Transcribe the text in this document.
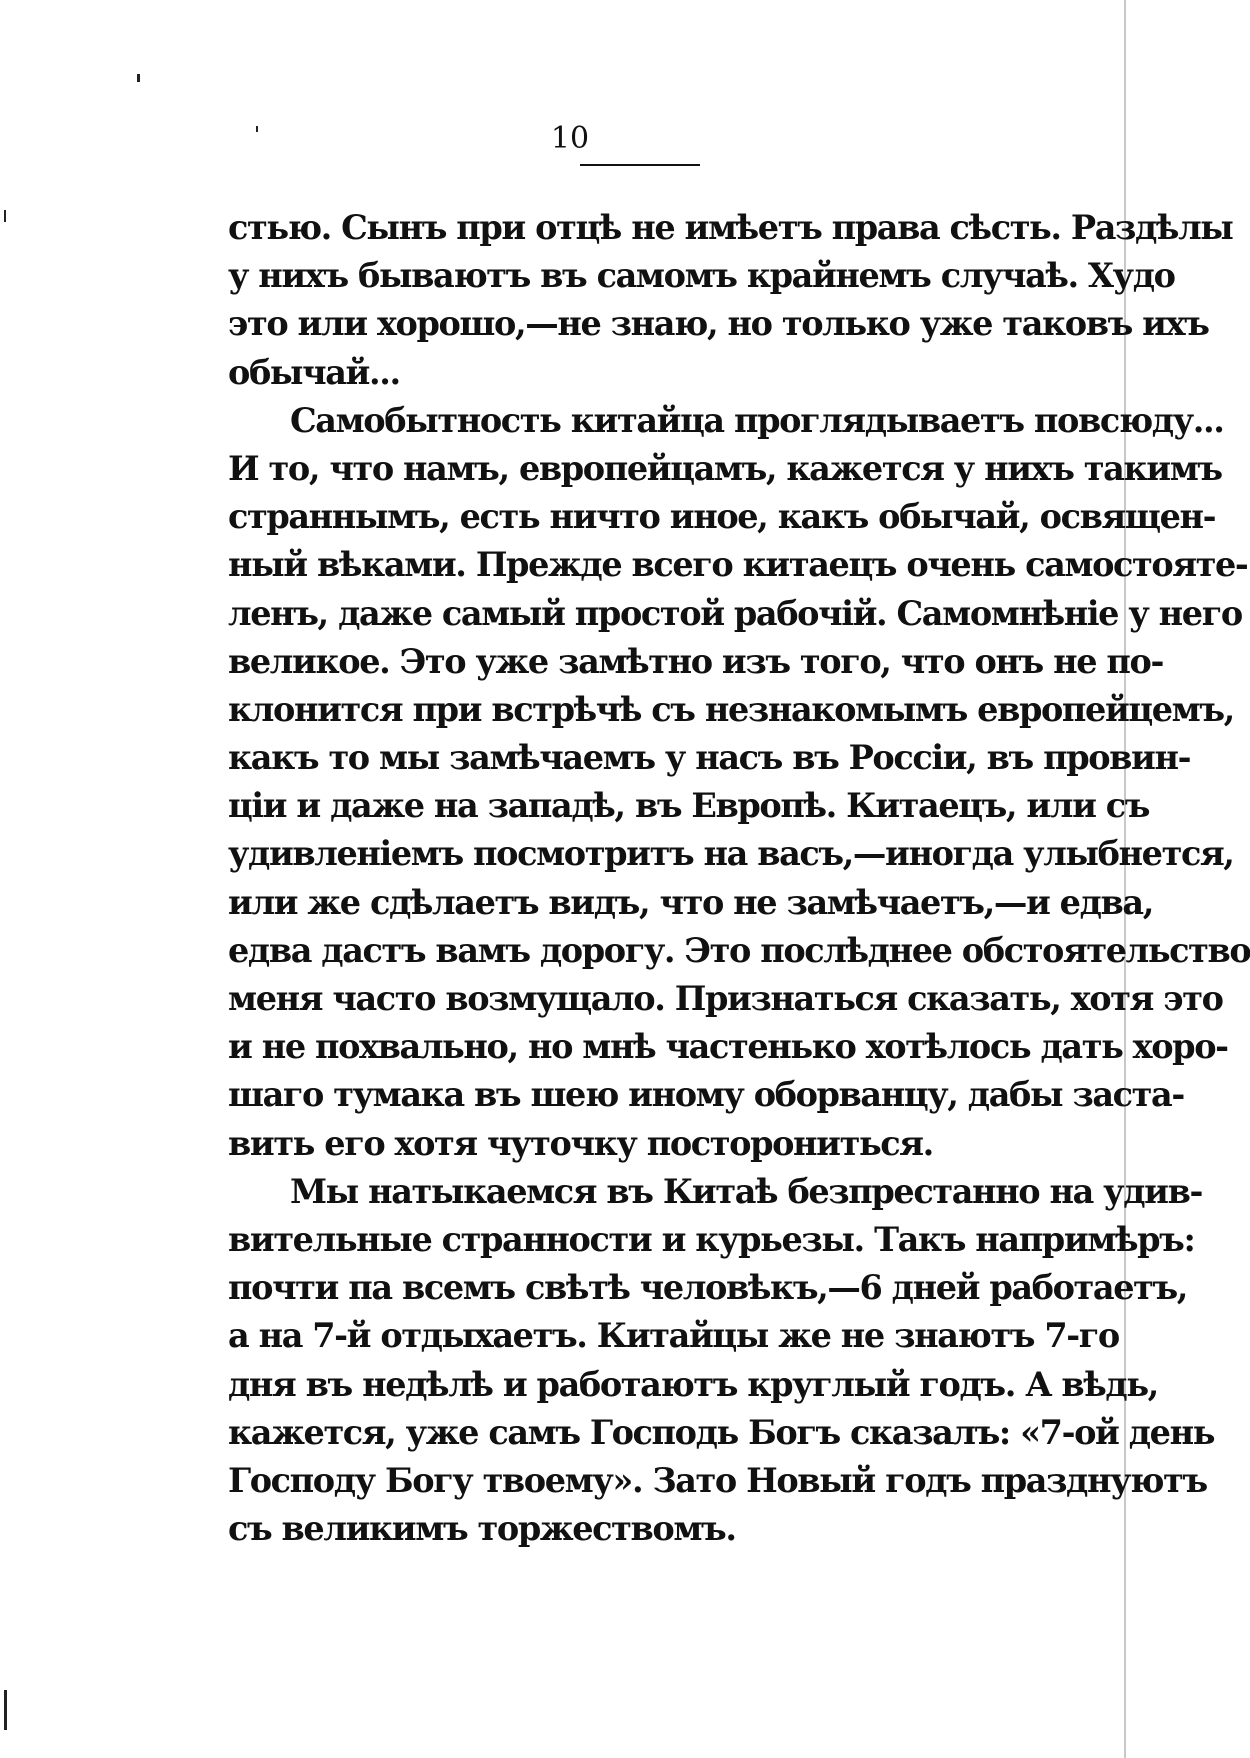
10
стью. Сынъ при отцѣ не имѣетъ права сѣсть. Раздѣлы
у нихъ бываютъ въ самомъ крайнемъ случаѣ. Худо
это или хорошо,—не знаю, но только уже таковъ ихъ
обычай...
Самобытность китайца проглядываетъ повсюду...
И то, что намъ, европейцамъ, кажется у нихъ такимъ
страннымъ, есть ничто иное, какъ обычай, освящен-
ный вѣками. Прежде всего китаецъ очень самостояте-
ленъ, даже самый простой рабочій. Самомнѣніе у него
великое. Это уже замѣтно изъ того, что онъ не по-
клонится при встрѣчѣ съ незнакомымъ европейцемъ,
какъ то мы замѣчаемъ у насъ въ Россіи, въ провин-
ціи и даже на западѣ, въ Европѣ. Китаецъ, или съ
удивленіемъ посмотритъ на васъ,—иногда улыбнется,
или же сдѣлаетъ видъ, что не замѣчаетъ,—и едва,
едва дастъ вамъ дорогу. Это послѣднее обстоятельство
меня часто возмущало. Признаться сказать, хотя это
и не похвально, но мнѣ частенько хотѣлось дать хоро-
шаго тумака въ шею иному оборванцу, дабы заста-
вить его хотя чуточку посторониться.
Мы натыкаемся въ Китаѣ безпрестанно на удив-
вительные странности и курьезы. Такъ напримѣръ:
почти па всемъ свѣтѣ человѣкъ,—6 дней работаетъ,
а на 7-й отдыхаетъ. Китайцы же не знаютъ 7-го
дня въ недѣлѣ и работаютъ круглый годъ. А вѣдь,
кажется, уже самъ Господь Богъ сказалъ: «7-ой день
Господу Богу твоему». Зато Новый годъ празднуютъ
съ великимъ торжествомъ.
